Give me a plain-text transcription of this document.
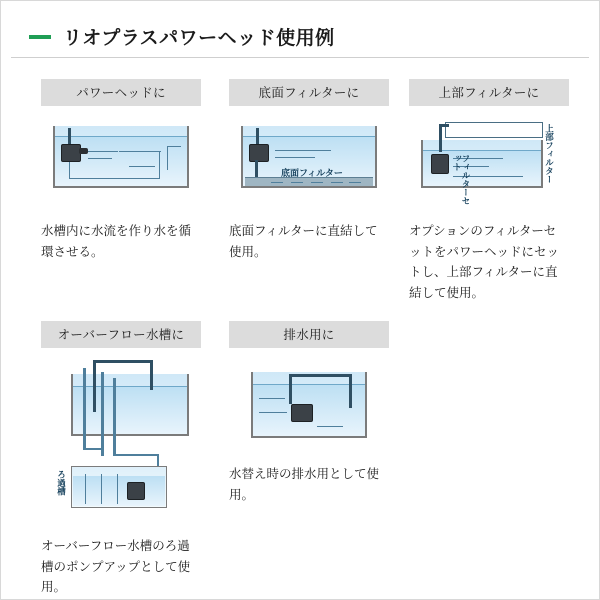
リオプラスパワーヘッド使用例
パワーヘッドに
水槽内に水流を作り水を循環させる。
底面フィルターに
底面フィルター
底面フィルターに直結して使用。
上部フィルターに
上部フィルター
フィルターセット
オプションのフィルターセットをパワーヘッドにセットし、上部フィルターに直結して使用。
オーバーフロー水槽に
ろ過槽
オーバーフロー水槽のろ過槽のポンプアップとして使用。
排水用に
水替え時の排水用として使用。
